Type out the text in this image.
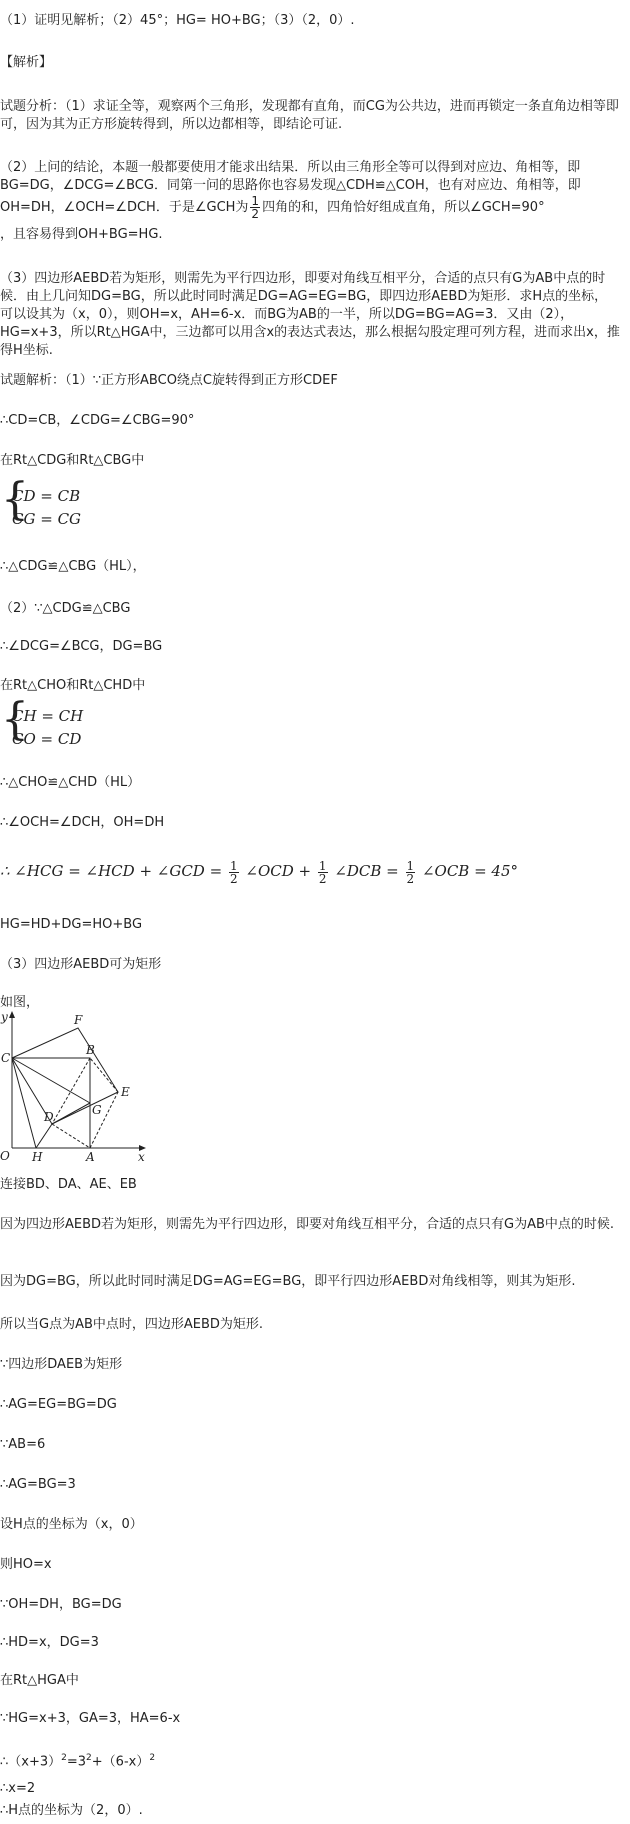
（1）证明见解析；（2）45°；HG= HO+BG；（3）（2，0）.
【解析】
试题分析：（1）求证全等，观察两个三角形，发现都有直角，而CG为公共边，进而再锁定一条直角边相等即可，因为其为正方形旋转得到，所以边都相等，即结论可证.
（2）上问的结论，本题一般都要使用才能求出结果．所以由三角形全等可以得到对应边、角相等，即BG=DG，∠DCG=∠BCG．同第一问的思路你也容易发现△CDH≌△COH，也有对应边、角相等，即OH=DH，∠OCH=∠DCH．于是∠GCH为 $\frac{1}{2}$ 四角的和，四角恰好组成直角，所以∠GCH=90°
，且容易得到OH+BG=HG.
（3）四边形AEBD若为矩形，则需先为平行四边形，即要对角线互相平分，合适的点只有G为AB中点的时候．由上几问知DG=BG，所以此时同时满足DG=AG=EG=BG，即四边形AEBD为矩形．求H点的坐标，可以设其为（x，0），则OH=x，AH=6-x．而BG为AB的一半，所以DG=BG=AG=3．又由（2），HG=x+3，所以Rt△HGA中，三边都可以用含x的表达式表达，那么根据勾股定理可列方程，进而求出x，推得H坐标.
试题解析：（1）∵正方形ABCO绕点C旋转得到正方形CDEF
∴CD=CB，∠CDG=∠CBG=90°
在Rt△CDG和Rt△CBG中
{
CD = CB
CG = CG
∴△CDG≌△CBG（HL），
（2）∵△CDG≌△CBG
∴∠DCG=∠BCG，DG=BG
在Rt△CHO和Rt△CHD中
{
CH = CH
CO = CD
∴△CHO≌△CHD（HL）
∴∠OCH=∠DCH，OH=DH
∴ ∠HCG = ∠HCD + ∠GCD = $\frac{1}{2}$ ∠OCD + $\frac{1}{2}$ ∠DCB = $\frac{1}{2}$ ∠OCB = 45°
HG=HD+DG=HO+BG
（3）四边形AEBD可为矩形
如图，
y
x
O
C
F
B
E
G
D
H	A
连接BD、DA、AE、EB
因为四边形AEBD若为矩形，则需先为平行四边形，即要对角线互相平分，合适的点只有G为AB中点的时候.
因为DG=BG，所以此时同时满足DG=AG=EG=BG，即平行四边形AEBD对角线相等，则其为矩形.
所以当G点为AB中点时，四边形AEBD为矩形.
∵四边形DAEB为矩形
∴AG=EG=BG=DG
∵AB=6
∴AG=BG=3
设H点的坐标为（x，0）
则HO=x
∵OH=DH，BG=DG
∴HD=x，DG=3
在Rt△HGA中
∵HG=x+3，GA=3，HA=6-x
$\therefore(x+3)^2=3^2+(6-x)^2$
∴x=2
∴H点的坐标为（2，0）.
